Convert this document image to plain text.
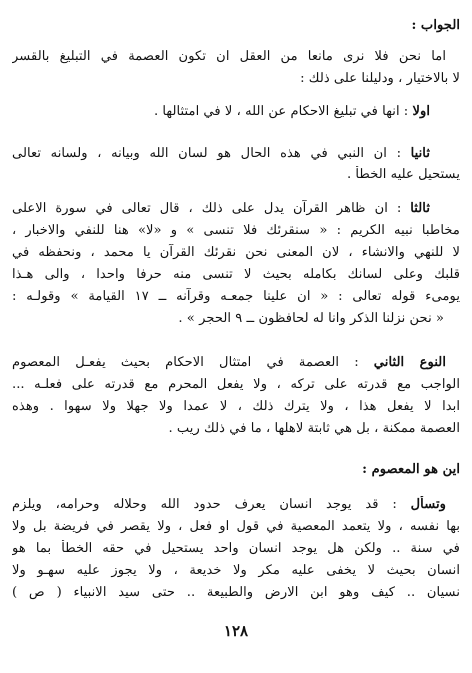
الجواب :
اما نحن فلا نرى مانعا من العقل ان تكون العصمة في التبليغ بالقسر
لا بالاختيار ، ودليلنا على ذلك :
اولا : انها في تبليغ الاحكام عن الله ، لا في امتثالها .
ثانيا : ان النبي في هذه الحال هو لسان الله وبيانه ، ولسانه تعالى
يستحيل عليه الخطأ .
ثالثا : ان ظاهر القرآن يدل على ذلك ، قال تعالى في سورة الاعلى
مخاطبا نبيه الكريم : « سنقرئك فلا تنسى » و «لا» هنا للنفي والاخبار ،
لا للنهي والانشاء ، لان المعنى نحن نقرئك القرآن يا محمد ، ونحفظه في
قلبك وعلى لسانك بكامله بحيث لا تنسى منه حرفا واحدا ، والى هـذا
يومىء قوله تعالى : « ان علينا جمعـه وقرآنه ــ ١٧ القيامة » وقولـه :
« نحن نزلنا الذكر وانا له لحافظون ــ ٩ الحجر » .
النوع الثاني : العصمة في امتثال الاحكام بحيث يفعـل المعصوم
الواجب مع قدرته على تركه ، ولا يفعل المحرم مع قدرته على فعلـه ...
ابدا لا يفعل هذا ، ولا يترك ذلك ، لا عمدا ولا جهلا ولا سهوا . وهذه
العصمة ممكنة ، بل هي ثابتة لاهلها ، ما في ذلك ريب .
اين هو المعصوم :
وتسأل : قد يوجد انسان يعرف حدود الله وحلاله وحرامه، ويلزم
بها نفسه ، ولا يتعمد المعصية في قول او فعل ، ولا يقصر في فريضة بل ولا
في سنة .. ولكن هل يوجد انسان واحد يستحيل في حقه الخطأ بما هو
انسان بحيث لا يخفى عليه مكر ولا خديعة ، ولا يجوز عليه سهـو ولا
نسيان .. كيف وهو ابن الارض والطبيعة .. حتى سيد الانبياء ( ص )
١٢٨
